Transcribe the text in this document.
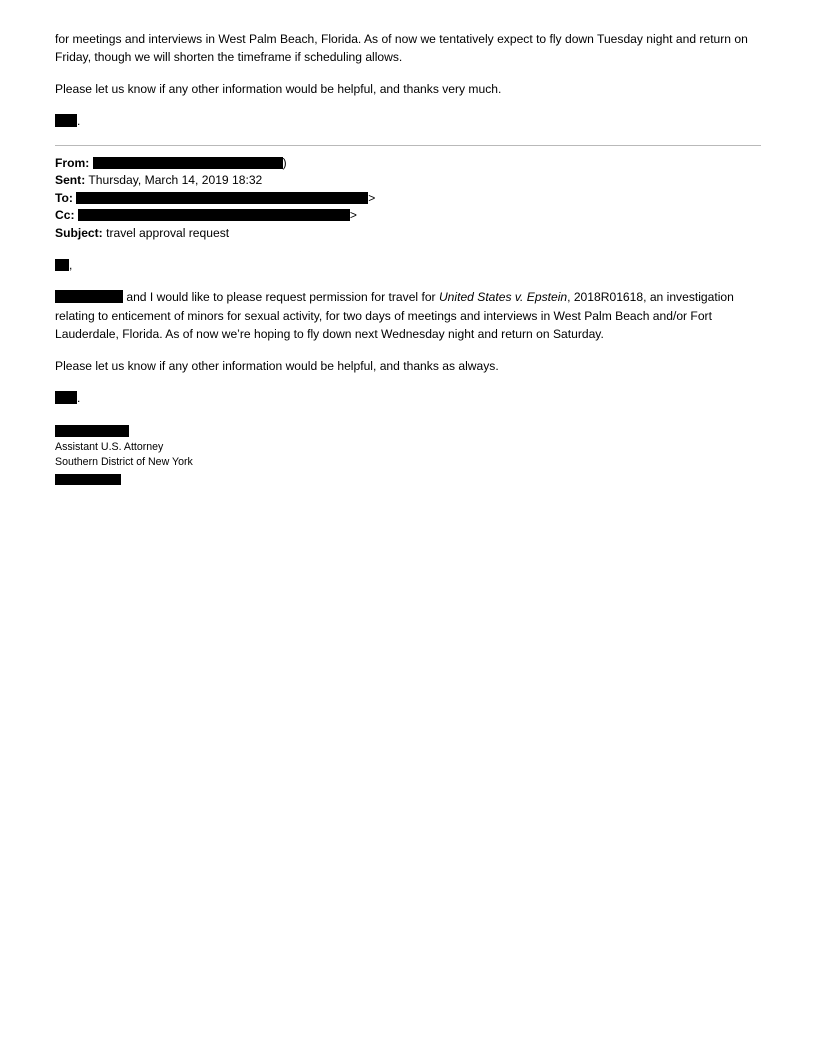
for meetings and interviews in West Palm Beach, Florida. As of now we tentatively expect to fly down Tuesday night and return on Friday, though we will shorten the timeframe if scheduling allows.

Please let us know if any other information would be helpful, and thanks very much.

.

From:	)
Sent: Thursday, March 14, 2019 18:32
To:	>
Cc:	>
Subject: travel approval request

,

and I would like to please request permission for travel for United States v. Epstein, 2018R01618, an investigation relating to enticement of minors for sexual activity, for two days of meetings and interviews in West Palm Beach and/or Fort Lauderdale, Florida. As of now we’re hoping to fly down next Wednesday night and return on Saturday.

Please let us know if any other information would be helpful, and thanks as always.

.

Assistant U.S. Attorney
Southern District of New York
